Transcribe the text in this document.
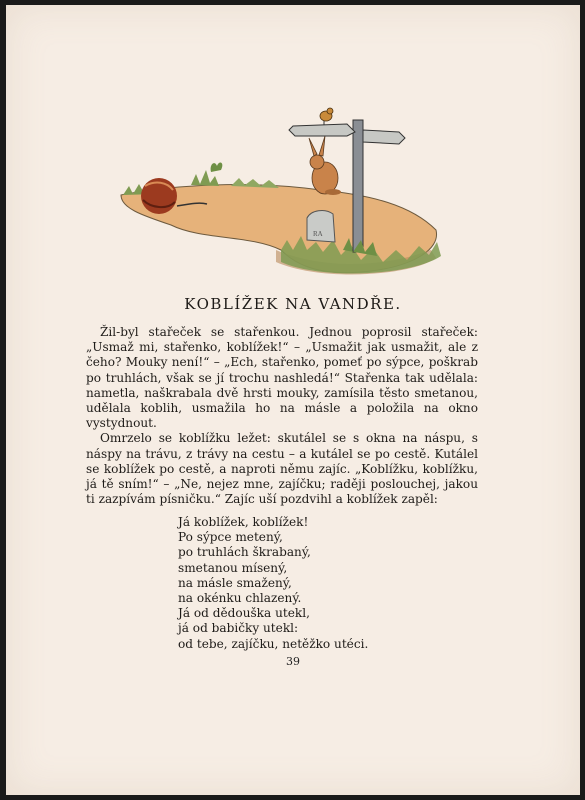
RA
KOBLÍŽEK NA VANDŘE.

Žil-byl stařeček se stařenkou. Jednou poprosil stařeček: „Usmaž mi, stařenko, koblížek!“ – „Usmažit jak usmažit, ale z čeho? Mouky není!“ – „Ech, stařenko, pomeť po sýpce, poškrab po truhlách, však se jí trochu nashledá!“ Stařenka tak udělala: nametla, naškrabala dvě hrsti mouky, zamísila těsto smetanou, udělala koblih, usmažila ho na másle a položila na okno vystydnout.

Omrzelo se koblížku ležet: skutálel se s okna na náspu, s náspy na trávu, z trávy na cestu – a kutálel se po cestě. Kutálel se koblížek po cestě, a naproti němu zajíc. „Koblížku, koblížku, já tě sním!“ – „Ne, nejez mne, zajíčku; raději poslouchej, jakou ti zazpívám písničku.“ Zajíc uší pozdvihl a koblížek zapěl:

Já koblížek, koblížek!
Po sýpce metený,
po truhlách škrabaný,
smetanou mísený,
na másle smažený,
na okénku chlazený.
Já od dědouška utekl,
já od babičky utekl:
od tebe, zajíčku, netěžko utéci.
39
